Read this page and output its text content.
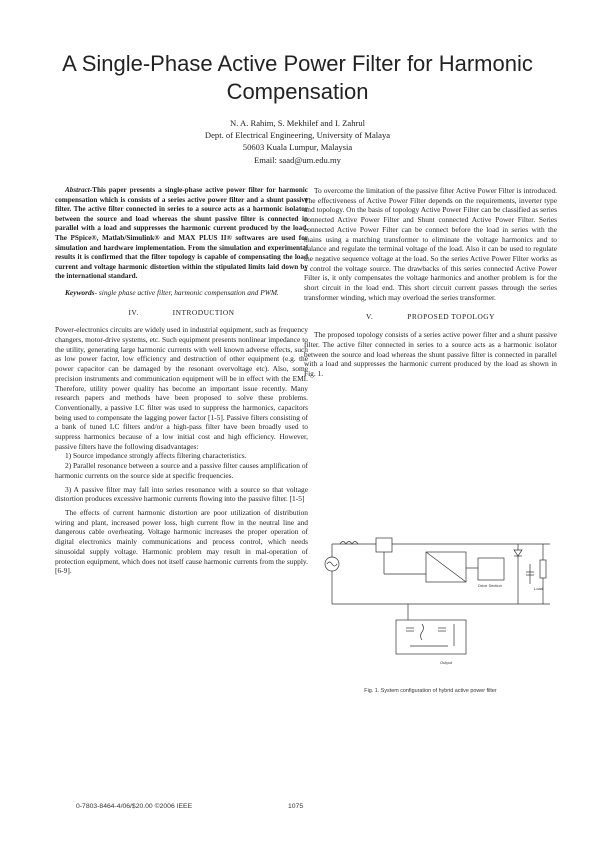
A Single-Phase Active Power Filter for Harmonic Compensation
N. A. Rahim, S. Mekhilef and I. Zahrul
Dept. of Electrical Engineering, University of Malaya
50603 Kuala Lumpur, Malaysia
Email: saad@um.edu.my

Abstract-This paper presents a single-phase active power filter for harmonic compensation which is consists of a series active power filter and a shunt passive filter. The active filter connected in series to a source acts as a harmonic isolator between the source and load whereas the shunt passive filter is connected in parallel with a load and suppresses the harmonic current produced by the load. The PSpice®, Matlab/Simulink® and MAX PLUS II® softwares are used for simulation and hardware implementation. From the simulation and experimental results it is confirmed that the filter topology is capable of compensating the load current and voltage harmonic distortion within the stipulated limits laid down by the international standard.

Keywords- single phase active filter, harmonic compensation and PWM.

IV.	INTRODUCTION

Power-electronics circuits are widely used in industrial equipment, such as frequency changers, motor-drive systems, etc. Such equipment presents nonlinear impedance to the utility, generating large harmonic currents with well known adverse effects, such as low power factor, low efficiency and destruction of other equipment (e.g. the power capacitor can be damaged by the resonant overvoltage etc). Also, some precision instruments and communication equipment will be in effect with the EMI. Therefore, utility power quality has become an important issue recently. Many research papers and methods have been proposed to solve these problems. Conventionally, a passive LC filter was used to suppress the harmonics, capacitors being used to compensate the lagging power factor [1-5]. Passive filters consisting of a bank of tuned LC filters and/or a high-pass filter have been broadly used to suppress harmonics because of a low initial cost and high efficiency. However, passive filters have the following disadvantages:

1) Source impedance strongly affects filtering characteristics.

2) Parallel resonance between a source and a passive filter causes amplification of harmonic currents on the source side at specific frequencies.

3) A passive filter may fall into series resonance with a source so that voltage distortion produces excessive harmonic currents flowing into the passive filter. [1-5]

The effects of current harmonic distortion are poor utilization of distribution wiring and plant, increased power loss, high current flow in the neutral line and dangerous cable overheating. Voltage harmonic increases the proper operation of digital electronics mainly communications and process control, which needs sinusoidal supply voltage. Harmonic problem may result in mal-operation of protection equipment, which does not itself cause harmonic currents from the supply. [6-9].

To overcome the limitation of the passive filter Active Power Filter is introduced. The effectiveness of Active Power Filter depends on the requirements, inverter type and topology. On the basis of topology Active Power Filter can be classified as series connected Active Power Filter and Shunt connected Active Power Filter. Series connected Active Power Filter can be connect before the load in series with the mains using a matching transformer to eliminate the voltage harmonics and to balance and regulate the terminal voltage of the load. Also it can be used to regulate the negative sequence voltage at the load. So the series Active Power Filter works as a control the voltage source. The drawbacks of this series connected Active Power Filter is, it only compensates the voltage harmonics and another problem is for the short circuit in the load end. This short circuit current passes through the series transformer winding, which may overload the series transformer.

V.	PROPOSED TOPOLOGY

The proposed topology consists of a series active power filter and a shunt passive filter. The active filter connected in series to a source acts as a harmonic isolator between the source and load whereas the shunt passive filter is connected in parallel with a load and suppresses the harmonic current produced by the load as shown in Fig. 1.

Drive Section
Load
Output
Fig. 1. System configuration of hybrid active power filter
0-7803-8464-4/06/$20.00 ©2006 IEEE	1075
